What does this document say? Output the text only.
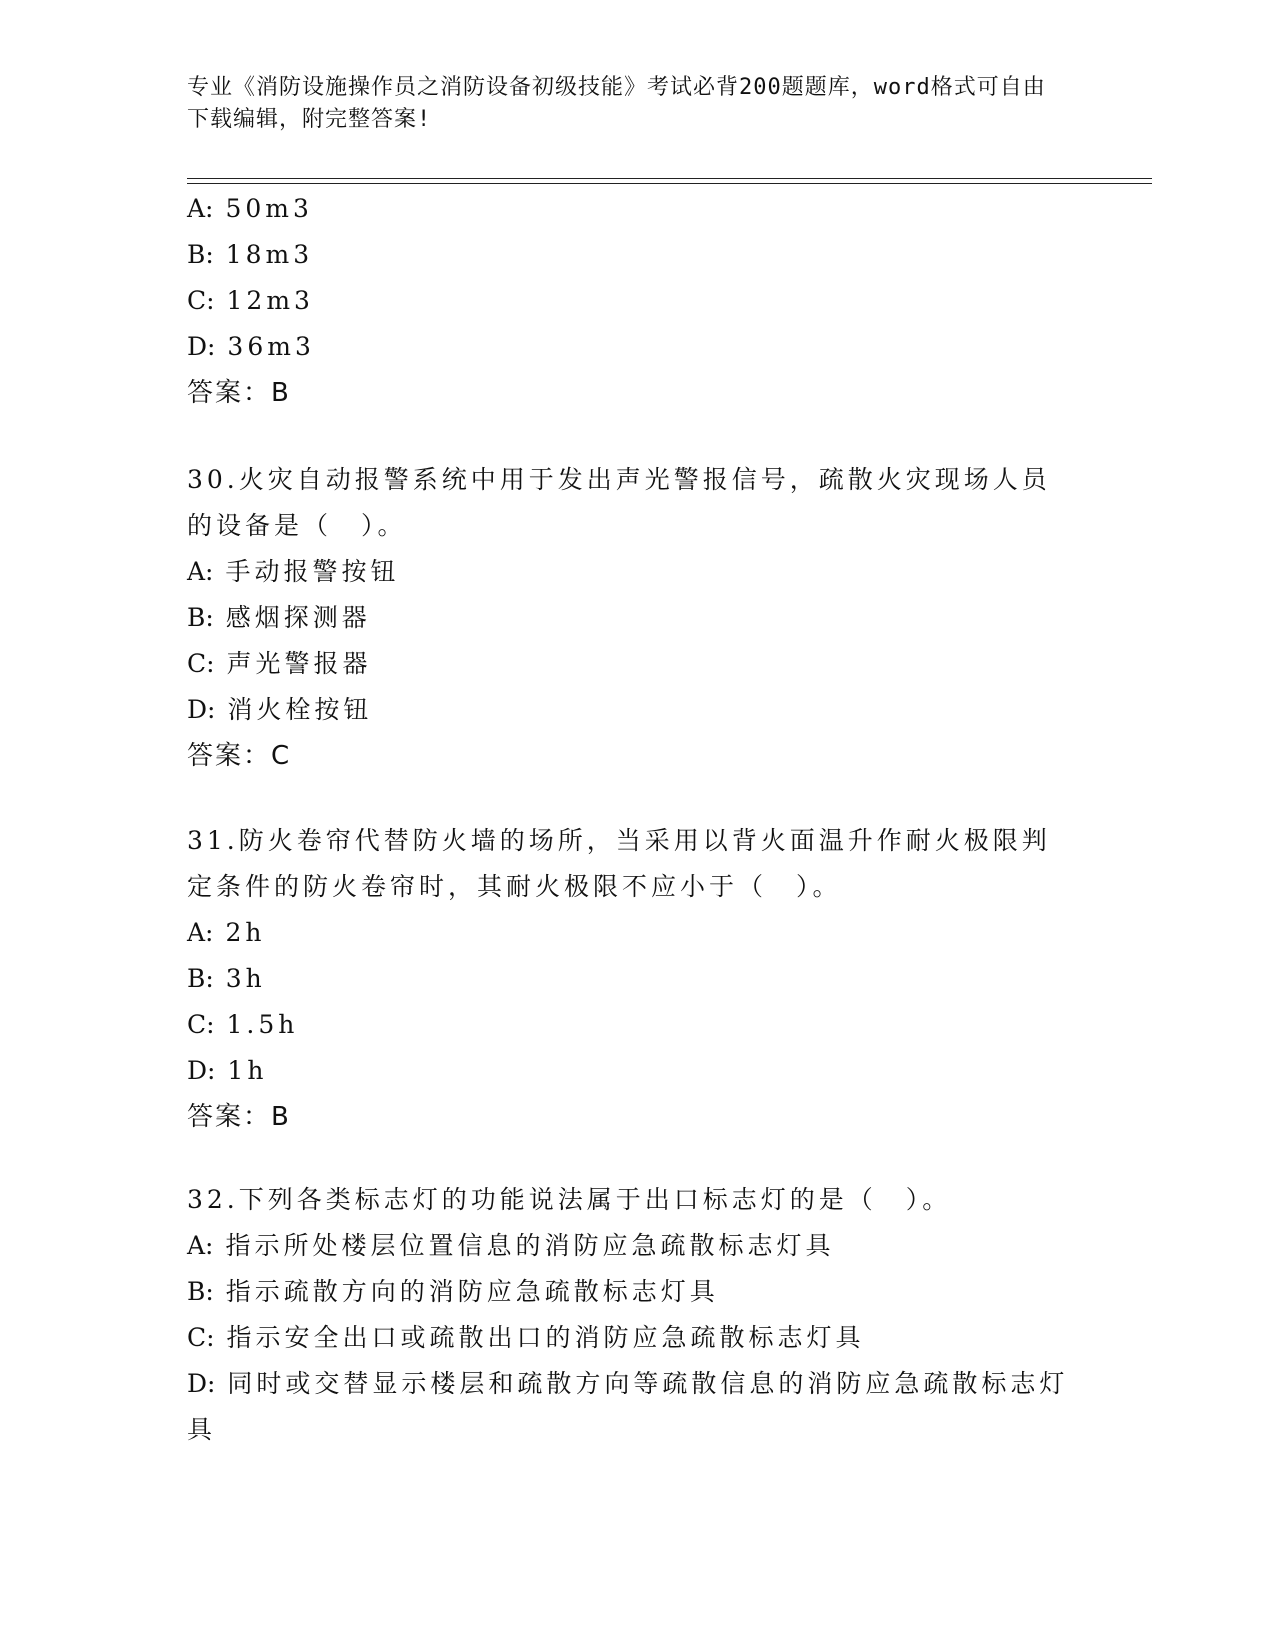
专业《消防设施操作员之消防设备初级技能》考试必背200题题库，word格式可自由下载编辑，附完整答案!
A: 50m3
B: 18m3
C: 12m3
D: 36m3
答案：B
30.火灾自动报警系统中用于发出声光警报信号，疏散火灾现场人员的设备是（　）。
A: 手动报警按钮
B: 感烟探测器
C: 声光警报器
D: 消火栓按钮
答案：C
31.防火卷帘代替防火墙的场所，当采用以背火面温升作耐火极限判定条件的防火卷帘时，其耐火极限不应小于（　）。
A: 2h
B: 3h
C: 1.5h
D: 1h
答案：B
32.下列各类标志灯的功能说法属于出口标志灯的是（　）。
A: 指示所处楼层位置信息的消防应急疏散标志灯具
B: 指示疏散方向的消防应急疏散标志灯具
C: 指示安全出口或疏散出口的消防应急疏散标志灯具
D: 同时或交替显示楼层和疏散方向等疏散信息的消防应急疏散标志灯具
